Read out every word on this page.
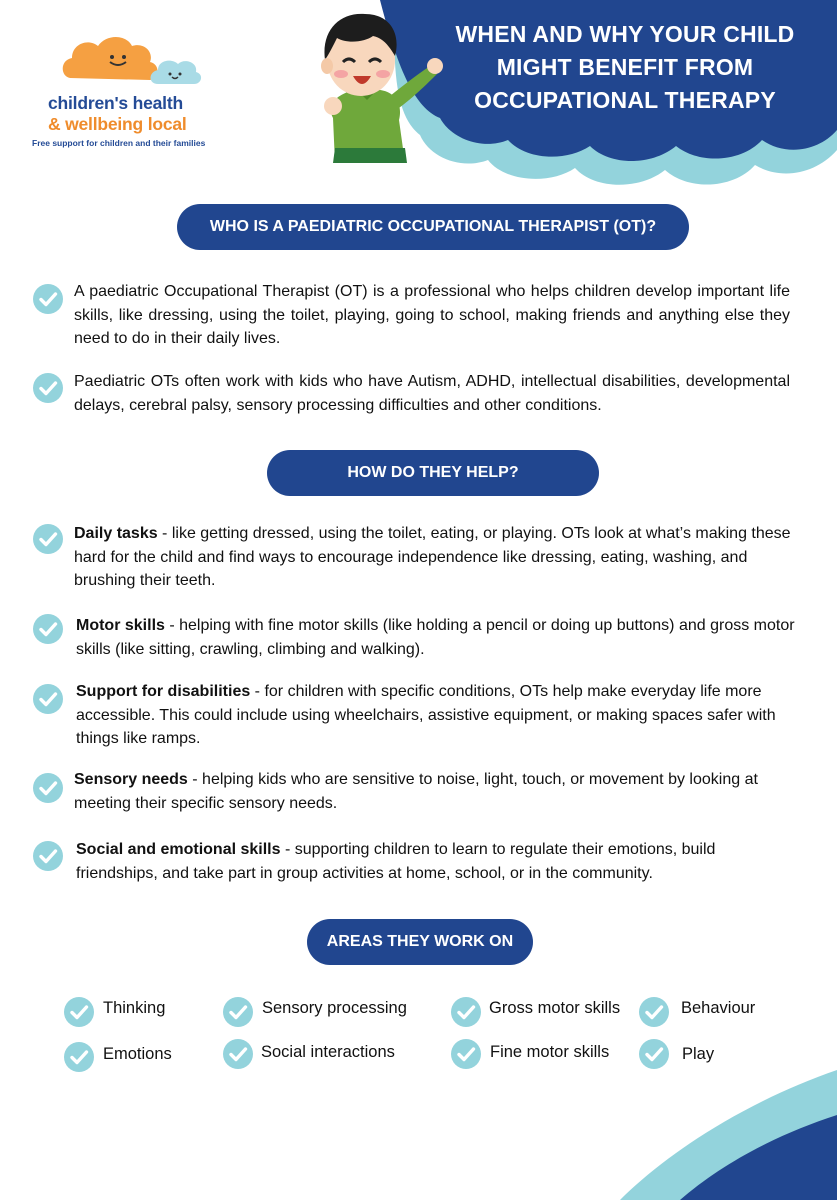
WHEN AND WHY YOUR CHILD MIGHT BENEFIT FROM OCCUPATIONAL THERAPY
children's health
& wellbeing local
Free support for children and their families
WHO IS A PAEDIATRIC OCCUPATIONAL THERAPIST (OT)?
A paediatric Occupational Therapist (OT) is a professional who helps children develop important life skills, like dressing, using the toilet, playing, going to school, making friends and anything else they need to do in their daily lives.
Paediatric OTs often work with kids who have Autism, ADHD, intellectual disabilities, developmental delays, cerebral palsy, sensory processing difficulties and other conditions.
HOW DO THEY HELP?
Daily tasks - like getting dressed, using the toilet, eating, or playing. OTs look at what’s making these hard for the child and find ways to encourage independence like dressing, eating, washing, and brushing their teeth.
Motor skills - helping with fine motor skills (like holding a pencil or doing up buttons) and gross motor skills (like sitting, crawling, climbing and walking).
Support for disabilities - for children with specific conditions, OTs help make everyday life more accessible. This could include using wheelchairs, assistive equipment, or making spaces safer with things like ramps.
Sensory needs - helping kids who are sensitive to noise, light, touch, or movement by looking at meeting their specific sensory needs.
Social and emotional skills - supporting children to learn to regulate their emotions, build friendships, and take part in group activities at home, school, or in the community.
AREAS THEY WORK ON
Thinking	Sensory processing	Gross motor skills	Behaviour
Emotions	Social interactions	Fine motor skills	Play
